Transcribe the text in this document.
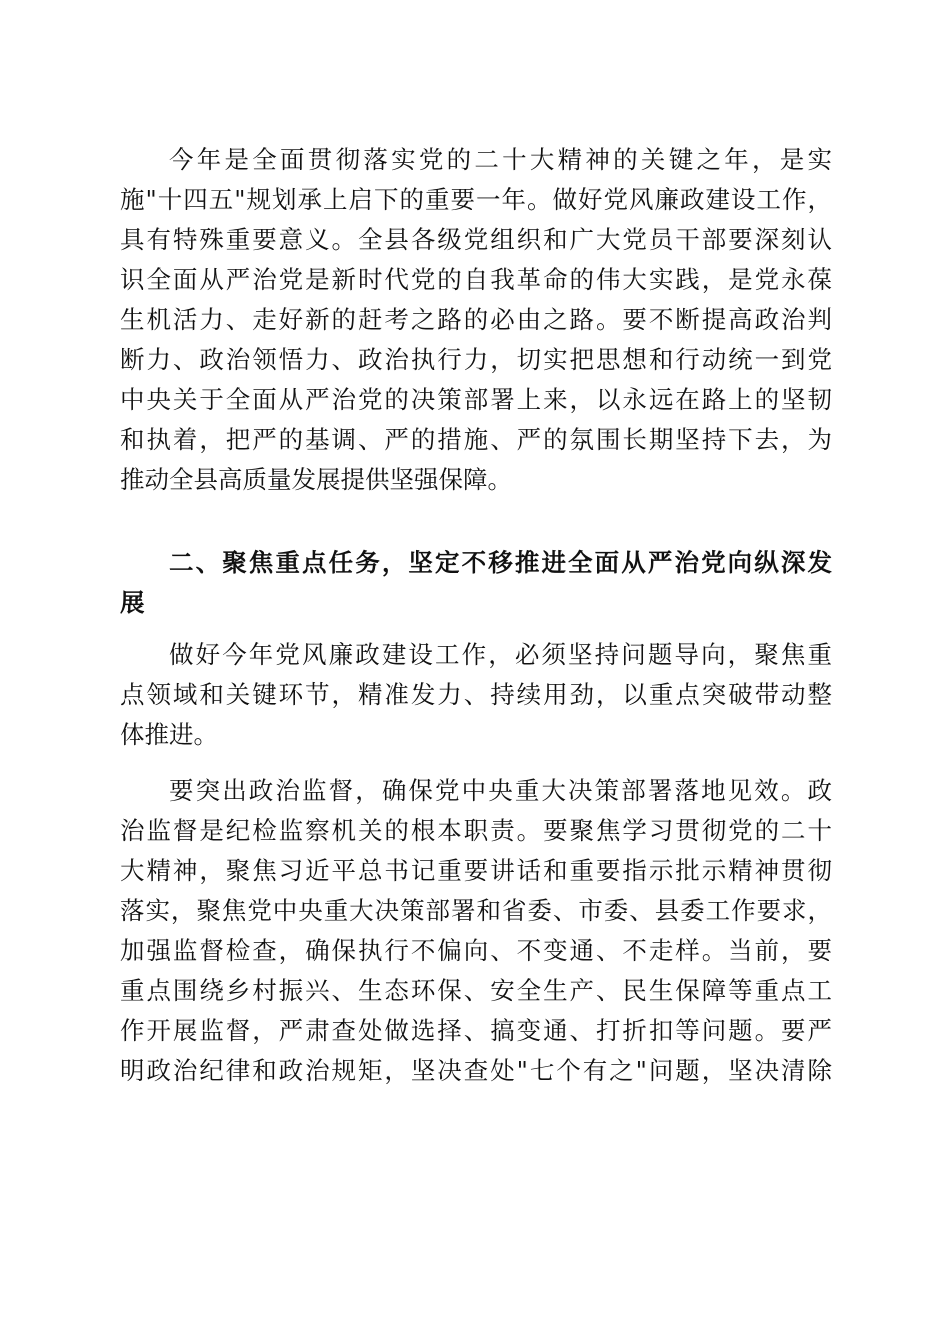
今年是全面贯彻落实党的二十大精神的关键之年，是实
施"十四五"规划承上启下的重要一年。做好党风廉政建设工作，
具有特殊重要意义。全县各级党组织和广大党员干部要深刻认
识全面从严治党是新时代党的自我革命的伟大实践，是党永葆
生机活力、走好新的赶考之路的必由之路。要不断提高政治判
断力、政治领悟力、政治执行力，切实把思想和行动统一到党
中央关于全面从严治党的决策部署上来，以永远在路上的坚韧
和执着，把严的基调、严的措施、严的氛围长期坚持下去，为
推动全县高质量发展提供坚强保障。
二、聚焦重点任务，坚定不移推进全面从严治党向纵深发
展
做好今年党风廉政建设工作，必须坚持问题导向，聚焦重
点领域和关键环节，精准发力、持续用劲，以重点突破带动整
体推进。
要突出政治监督，确保党中央重大决策部署落地见效。政
治监督是纪检监察机关的根本职责。要聚焦学习贯彻党的二十
大精神，聚焦习近平总书记重要讲话和重要指示批示精神贯彻
落实，聚焦党中央重大决策部署和省委、市委、县委工作要求，
加强监督检查，确保执行不偏向、不变通、不走样。当前，要
重点围绕乡村振兴、生态环保、安全生产、民生保障等重点工
作开展监督，严肃查处做选择、搞变通、打折扣等问题。要严
明政治纪律和政治规矩，坚决查处"七个有之"问题，坚决清除
